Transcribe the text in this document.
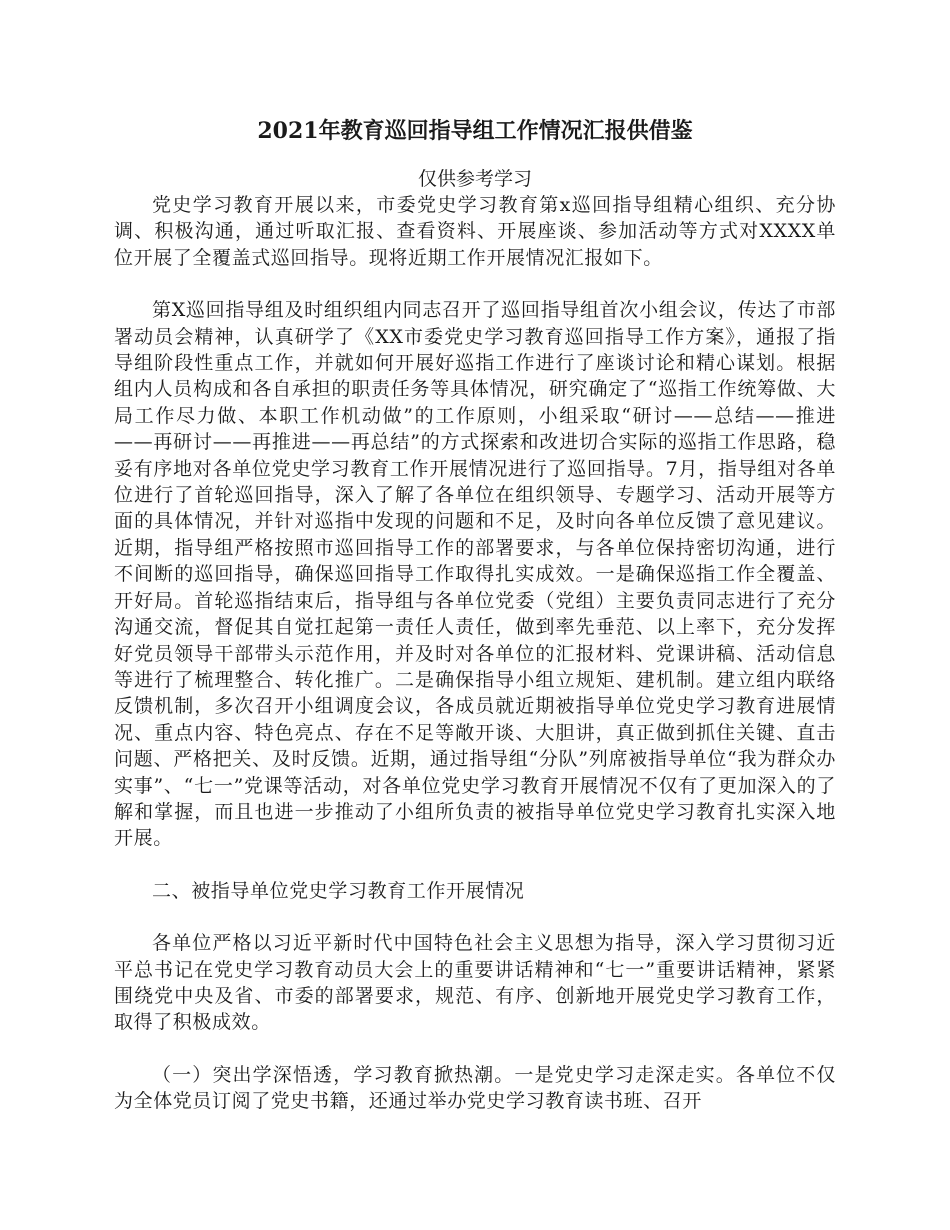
2021年教育巡回指导组工作情况汇报供借鉴
仅供参考学习

党史学习教育开展以来，市委党史学习教育第x巡回指导组精心组织、充分协调、积极沟通，通过听取汇报、查看资料、开展座谈、参加活动等方式对XXXX单位开展了全覆盖式巡回指导。现将近期工作开展情况汇报如下。

第X巡回指导组及时组织组内同志召开了巡回指导组首次小组会议，传达了市部署动员会精神，认真研学了《XX市委党史学习教育巡回指导工作方案》，通报了指导组阶段性重点工作，并就如何开展好巡指工作进行了座谈讨论和精心谋划。根据组内人员构成和各自承担的职责任务等具体情况，研究确定了“巡指工作统筹做、大局工作尽力做、本职工作机动做”的工作原则，小组采取“研讨——总结——推进——再研讨——再推进——再总结”的方式探索和改进切合实际的巡指工作思路，稳妥有序地对各单位党史学习教育工作开展情况进行了巡回指导。7月，指导组对各单位进行了首轮巡回指导，深入了解了各单位在组织领导、专题学习、活动开展等方面的具体情况，并针对巡指中发现的问题和不足，及时向各单位反馈了意见建议。近期，指导组严格按照市巡回指导工作的部署要求，与各单位保持密切沟通，进行不间断的巡回指导，确保巡回指导工作取得扎实成效。一是确保巡指工作全覆盖、开好局。首轮巡指结束后，指导组与各单位党委（党组）主要负责同志进行了充分沟通交流，督促其自觉扛起第一责任人责任，做到率先垂范、以上率下，充分发挥好党员领导干部带头示范作用，并及时对各单位的汇报材料、党课讲稿、活动信息等进行了梳理整合、转化推广。二是确保指导小组立规矩、建机制。建立组内联络反馈机制，多次召开小组调度会议，各成员就近期被指导单位党史学习教育进展情况、重点内容、特色亮点、存在不足等敞开谈、大胆讲，真正做到抓住关键、直击问题、严格把关、及时反馈。近期，通过指导组“分队”列席被指导单位“我为群众办实事”、“七一”党课等活动，对各单位党史学习教育开展情况不仅有了更加深入的了解和掌握，而且也进一步推动了小组所负责的被指导单位党史学习教育扎实深入地开展。

二、被指导单位党史学习教育工作开展情况

各单位严格以习近平新时代中国特色社会主义思想为指导，深入学习贯彻习近平总书记在党史学习教育动员大会上的重要讲话精神和“七一”重要讲话精神，紧紧围绕党中央及省、市委的部署要求，规范、有序、创新地开展党史学习教育工作，取得了积极成效。

（一）突出学深悟透，学习教育掀热潮。一是党史学习走深走实。各单位不仅为全体党员订阅了党史书籍，还通过举办党史学习教育读书班、召开
